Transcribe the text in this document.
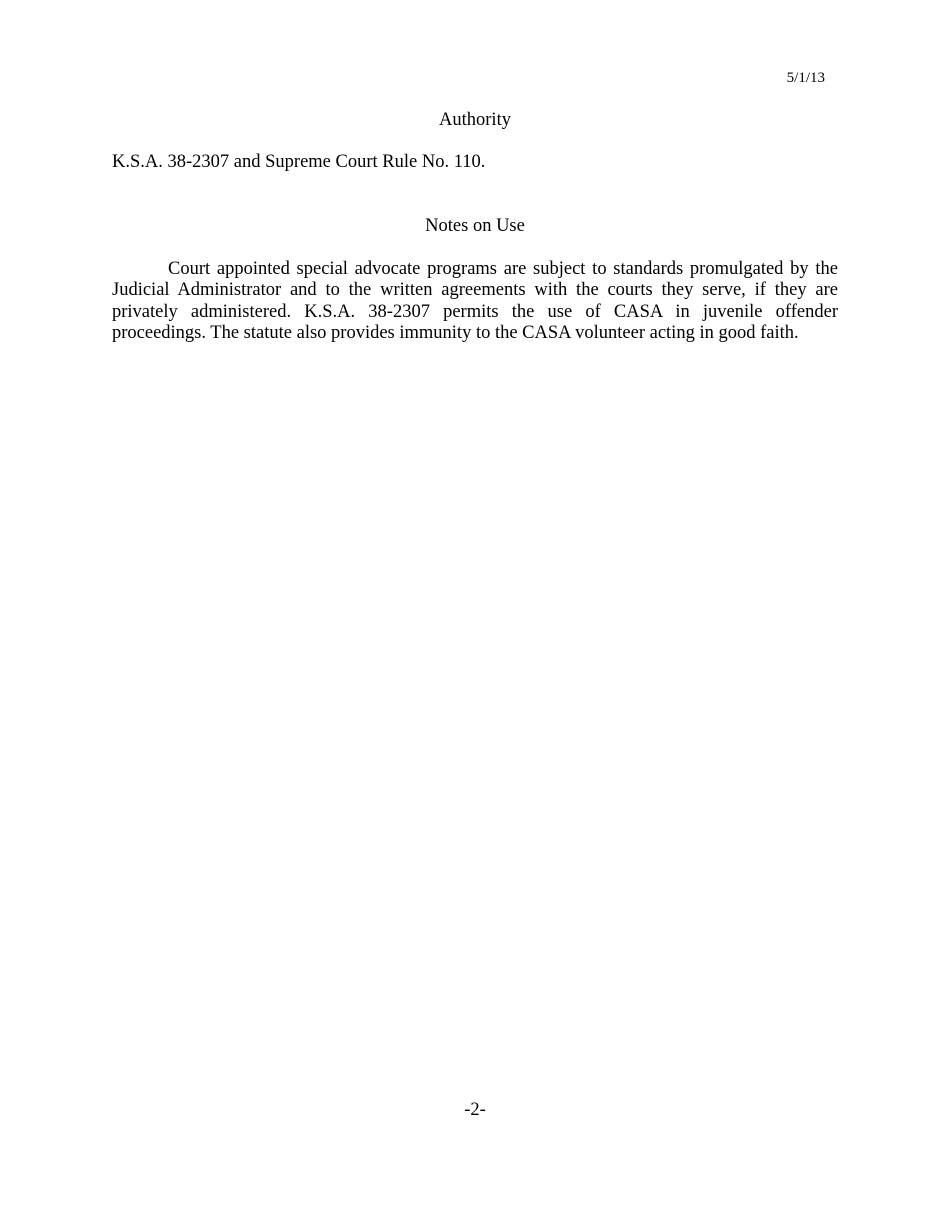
5/1/13
Authority
K.S.A. 38-2307 and Supreme Court Rule No. 110.
Notes on Use

Court appointed special advocate programs are subject to standards promulgated by the Judicial Administrator and to the written agreements with the courts they serve, if they are privately administered. K.S.A. 38-2307 permits the use of CASA in juvenile offender proceedings. The statute also provides immunity to the CASA volunteer acting in good faith.

-2-
